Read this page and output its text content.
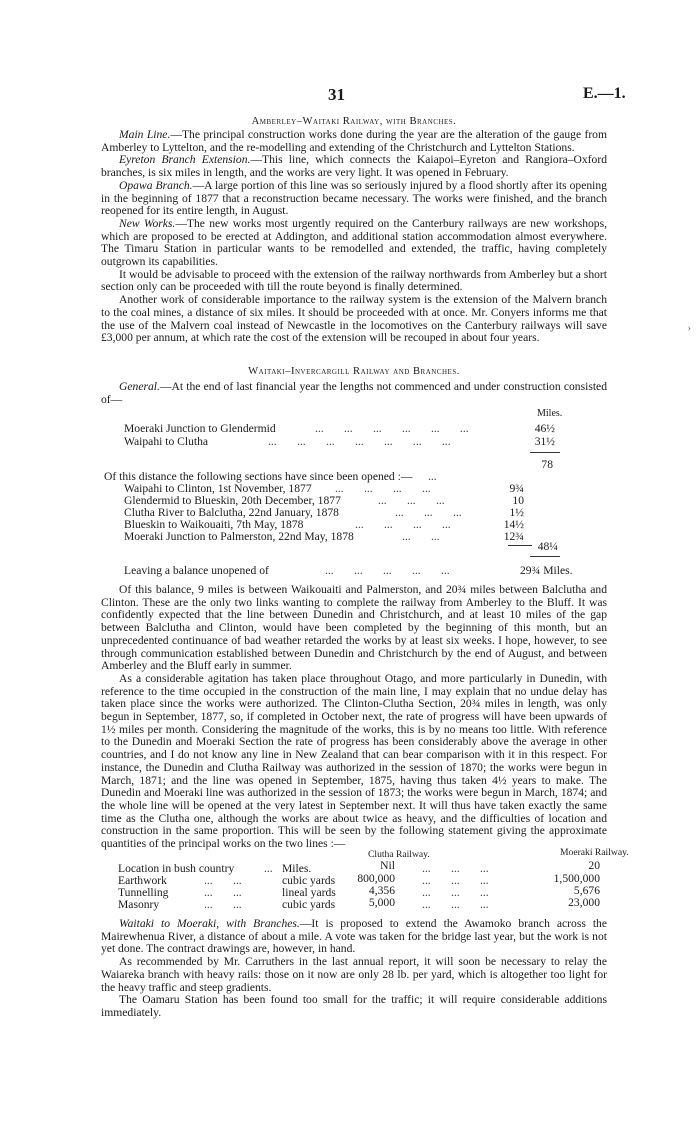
31	E.—1.
Amberley–Waitaki Railway, with Branches.

Main Line.—The principal construction works done during the year are the alteration of the gauge from Amberley to Lyttelton, and the re-modelling and extending of the Christchurch and Lyttelton Stations.

Eyreton Branch Extension.—This line, which connects the Kaiapoi–Eyreton and Rangiora–Oxford branches, is six miles in length, and the works are very light. It was opened in February.

Opawa Branch.—A large portion of this line was so seriously injured by a flood shortly after its opening in the beginning of 1877 that a reconstruction became necessary. The works were finished, and the branch reopened for its entire length, in August.

New Works.—The new works most urgently required on the Canterbury railways are new workshops, which are proposed to be erected at Addington, and additional station accommodation almost everywhere. The Timaru Station in particular wants to be remodelled and extended, the traffic, having completely outgrown its capabilities.

It would be advisable to proceed with the extension of the railway northwards from Amberley but a short section only can be proceeded with till the route beyond is finally determined.

Another work of considerable importance to the railway system is the extension of the Malvern branch to the coal mines, a distance of six miles. It should be proceeded with at once. Mr. Conyers informs me that the use of the Malvern coal instead of Newcastle in the locomotives on the Canterbury railways will save £3,000 per annum, at which rate the cost of the extension will be recouped in about four years.

Waitaki–Invercargill Railway and Branches.

General.—At the end of last financial year the lengths not commenced and under construction consisted of—

Miles.
Moeraki Junction to Glendermid	...       ...       ...       ...       ...       ...	46½
Waipahi to Clutha	...       ...       ...       ...       ...       ...       ...	31½
78
Of this distance the following sections have since been opened :— ...
Waipahi to Clinton, 1st November, 1877 ...       ...       ...       ...	9¾
Glendermid to Blueskin, 20th December, 1877	...       ...       ...	10
Clutha River to Balclutha, 22nd January, 1878	...       ...       ...	1½
Blueskin to Waikouaiti, 7th May, 1878	...       ...       ...       ...	14½
Moeraki Junction to Palmerston, 22nd May, 1878	...       ...	12¾
48¼
Leaving a balance unopened of	...       ...       ...       ...       ...	29¾ Miles.

Of this balance, 9 miles is between Waikouaiti and Palmerston, and 20¾ miles between Balclutha and Clinton. These are the only two links wanting to complete the railway from Amberley to the Bluff. It was confidently expected that the line between Dunedin and Christchurch, and at least 10 miles of the gap between Balclutha and Clinton, would have been completed by the beginning of this month, but an unprecedented continuance of bad weather retarded the works by at least six weeks. I hope, however, to see through communication established between Dunedin and Christchurch by the end of August, and between Amberley and the Bluff early in summer.

As a considerable agitation has taken place throughout Otago, and more particularly in Dunedin, with reference to the time occupied in the construction of the main line, I may explain that no undue delay has taken place since the works were authorized. The Clinton-Clutha Section, 20¾ miles in length, was only begun in September, 1877, so, if completed in October next, the rate of progress will have been upwards of 1½ miles per month. Considering the magnitude of the works, this is by no means too little. With reference to the Dunedin and Moeraki Section the rate of progress has been considerably above the average in other countries, and I do not know any line in New Zealand that can bear comparison with it in this respect. For instance, the Dunedin and Clutha Railway was authorized in the session of 1870; the works were begun in March, 1871; and the line was opened in September, 1875, having thus taken 4½ years to make. The Dunedin and Moeraki line was authorized in the session of 1873; the works were begun in March, 1874; and the whole line will be opened at the very latest in September next. It will thus have taken exactly the same time as the Clutha one, although the works are about twice as heavy, and the difficulties of location and construction in the same proportion. This will be seen by the following statement giving the approximate quantities of the principal works on the two lines :—

Clutha Railway.	Moeraki Railway.
Location in bush country	... Miles.	Nil ...       ...       ...	20
Earthwork	...       ...	cubic yards	800,000 ...       ...       ...	1,500,000
Tunnelling	...       ...	lineal yards	4,356 ...       ...       ...	5,676
Masonry	...       ...	cubic yards	5,000 ...       ...       ...	23,000

Waitaki to Moeraki, with Branches.—It is proposed to extend the Awamoko branch across the Mairewhenua River, a distance of about a mile. A vote was taken for the bridge last year, but the work is not yet done. The contract drawings are, however, in hand.

As recommended by Mr. Carruthers in the last annual report, it will soon be necessary to relay the Waiareka branch with heavy rails: those on it now are only 28 lb. per yard, which is altogether too light for the heavy traffic and steep gradients.

The Oamaru Station has been found too small for the traffic; it will require considerable additions immediately.

›
